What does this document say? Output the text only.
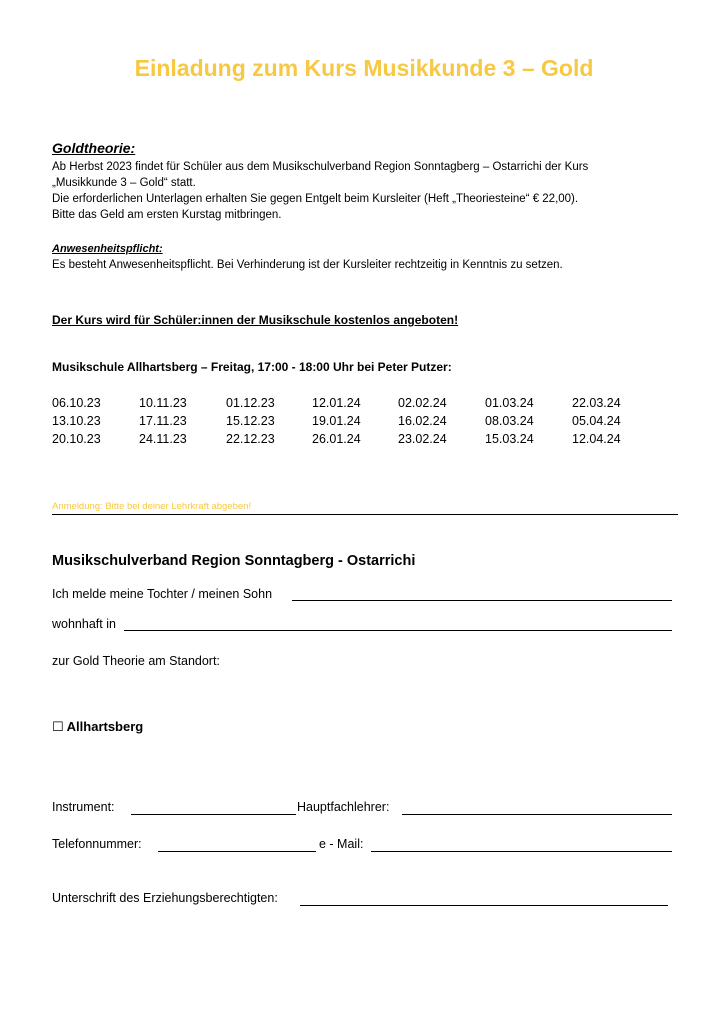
Einladung zum Kurs Musikkunde 3 – Gold
Goldtheorie:
Ab Herbst 2023 findet für Schüler aus dem Musikschulverband Region Sonntagberg – Ostarrichi der Kurs
„Musikkunde 3 – Gold“ statt.
Die erforderlichen Unterlagen erhalten Sie gegen Entgelt beim Kursleiter (Heft „Theoriesteine“ € 22,00).
Bitte das Geld am ersten Kurstag mitbringen.
Anwesenheitspflicht:
Es besteht Anwesenheitspflicht. Bei Verhinderung ist der Kursleiter rechtzeitig in Kenntnis zu setzen.
Der Kurs wird für Schüler:innen der Musikschule kostenlos angeboten!
Musikschule Allhartsberg – Freitag, 17:00 - 18:00 Uhr bei Peter Putzer:
06.10.23	10.11.23	01.12.23	12.01.24	02.02.24	01.03.24	22.03.24
13.10.23	17.11.23	15.12.23	19.01.24	16.02.24	08.03.24	05.04.24
20.10.23	24.11.23	22.12.23	26.01.24	23.02.24	15.03.24	12.04.24
Anmeldung: Bitte bei deiner Lehrkraft abgeben!
Musikschulverband Region Sonntagberg - Ostarrichi
Ich melde meine Tochter / meinen Sohn
wohnhaft in
zur Gold Theorie am Standort:
☐ Allhartsberg
Instrument:	Hauptfachlehrer:
Telefonnummer:	e - Mail:
Unterschrift des Erziehungsberechtigten:
